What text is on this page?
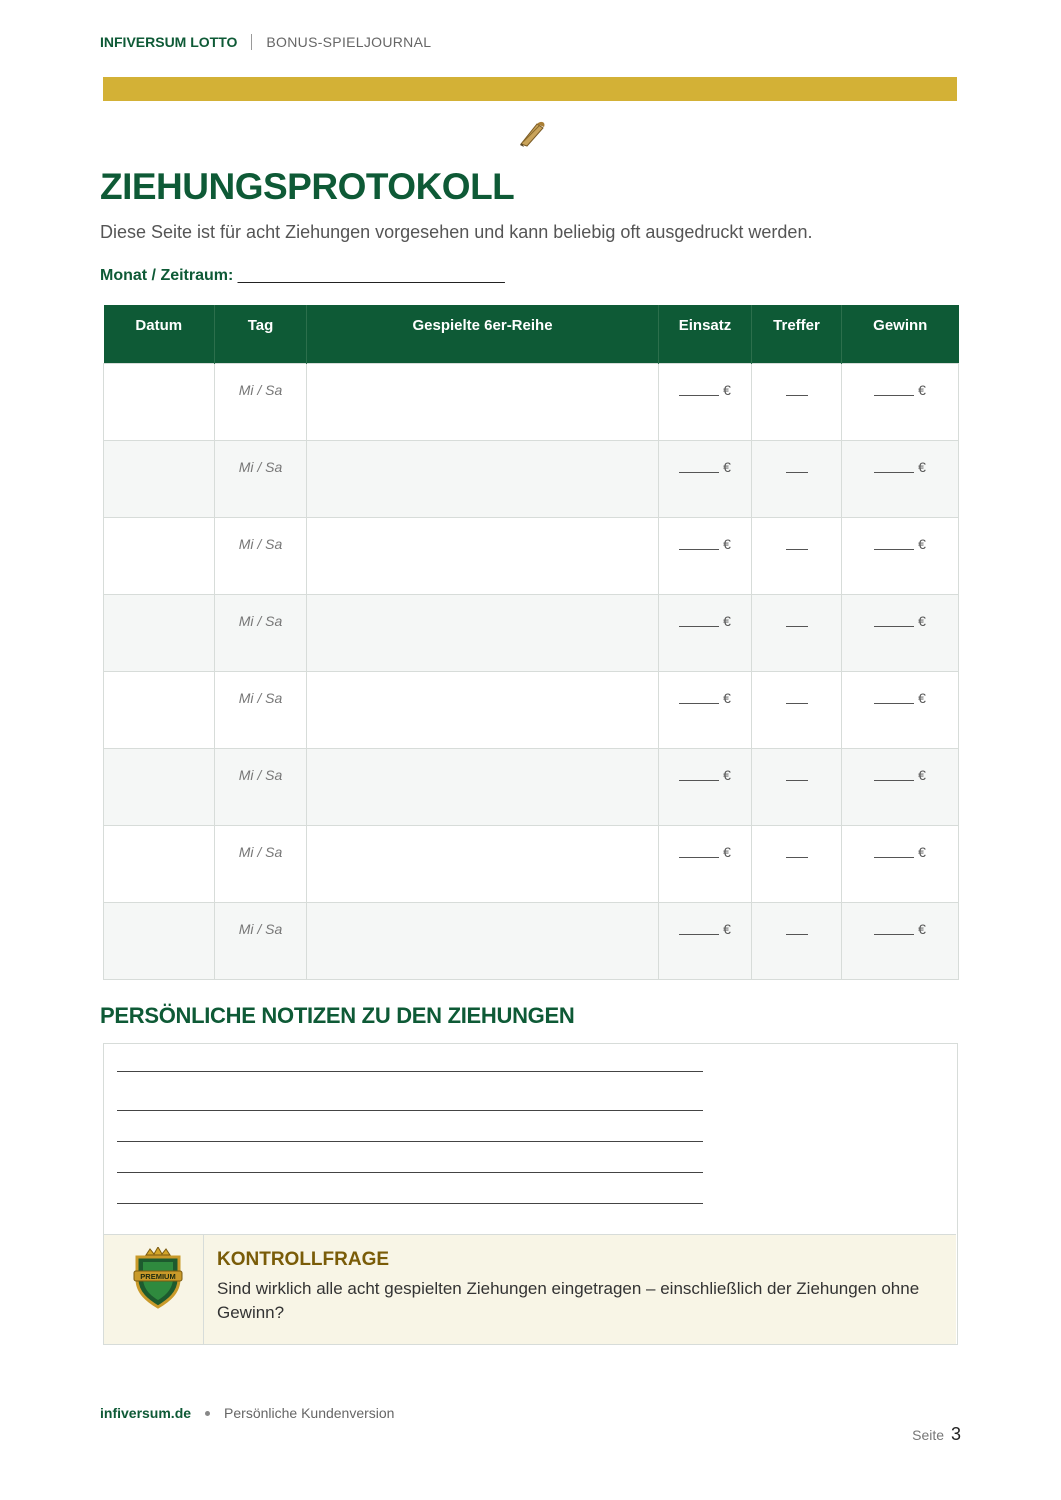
INFIVERSUM LOTTO BONUS-SPIELJOURNAL
ZIEHUNGSPROTOKOLL
Diese Seite ist für acht Ziehungen vorgesehen und kann beliebig oft ausgedruckt werden.
Monat / Zeitraum: ______________________________
Datum	Tag	Gespielte 6er-Reihe	Einsatz	Treffer	Gewinn
	Mi / Sa		€		€
	Mi / Sa		€		€
	Mi / Sa		€		€
	Mi / Sa		€		€
	Mi / Sa		€		€
	Mi / Sa		€		€
	Mi / Sa		€		€
	Mi / Sa		€		€
PERSÖNLICHE NOTIZEN ZU DEN ZIEHUNGEN
PREMIUM

KONTROLLFRAGE

Sind wirklich alle acht gespielten Ziehungen eingetragen – einschließlich der Ziehungen ohne Gewinn?

infiversum.de Persönliche Kundenversion
Seite 3
